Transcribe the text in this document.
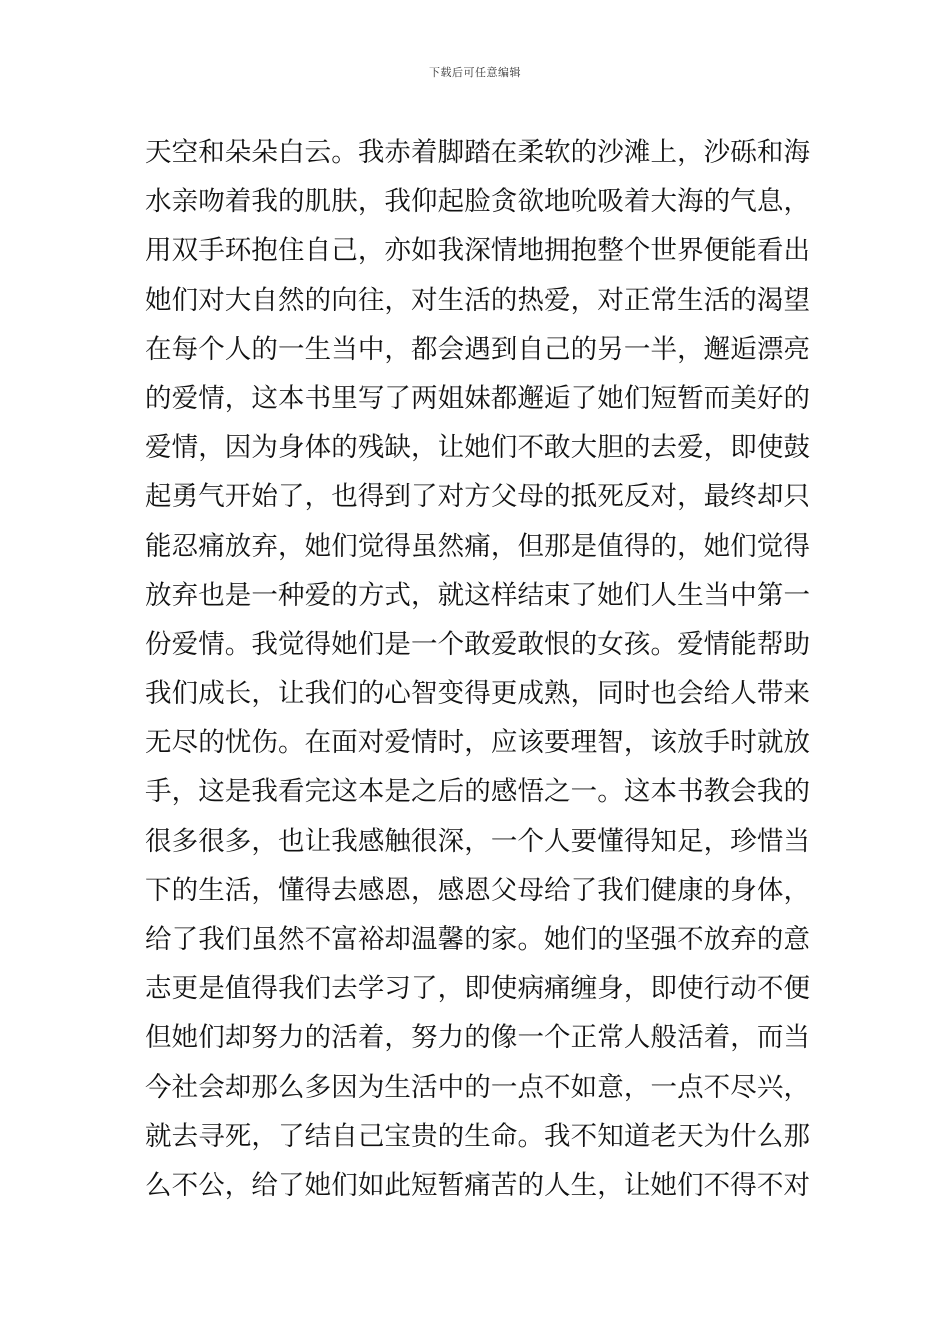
下载后可任意编辑
天空和朵朵白云。我赤着脚踏在柔软的沙滩上，沙砾和海
水亲吻着我的肌肤，我仰起脸贪欲地吮吸着大海的气息，
用双手环抱住自己，亦如我深情地拥抱整个世界便能看出
她们对大自然的向往，对生活的热爱，对正常生活的渴望
在每个人的一生当中，都会遇到自己的另一半，邂逅漂亮
的爱情，这本书里写了两姐妹都邂逅了她们短暂而美好的
爱情，因为身体的残缺，让她们不敢大胆的去爱，即使鼓
起勇气开始了，也得到了对方父母的抵死反对，最终却只
能忍痛放弃，她们觉得虽然痛，但那是值得的，她们觉得
放弃也是一种爱的方式，就这样结束了她们人生当中第一
份爱情。我觉得她们是一个敢爱敢恨的女孩。爱情能帮助
我们成长，让我们的心智变得更成熟，同时也会给人带来
无尽的忧伤。在面对爱情时，应该要理智，该放手时就放
手，这是我看完这本是之后的感悟之一。这本书教会我的
很多很多，也让我感触很深，一个人要懂得知足，珍惜当
下的生活，懂得去感恩，感恩父母给了我们健康的身体，
给了我们虽然不富裕却温馨的家。她们的坚强不放弃的意
志更是值得我们去学习了，即使病痛缠身，即使行动不便
但她们却努力的活着，努力的像一个正常人般活着，而当
今社会却那么多因为生活中的一点不如意，一点不尽兴，
就去寻死，了结自己宝贵的生命。我不知道老天为什么那
么不公，给了她们如此短暂痛苦的人生，让她们不得不对
